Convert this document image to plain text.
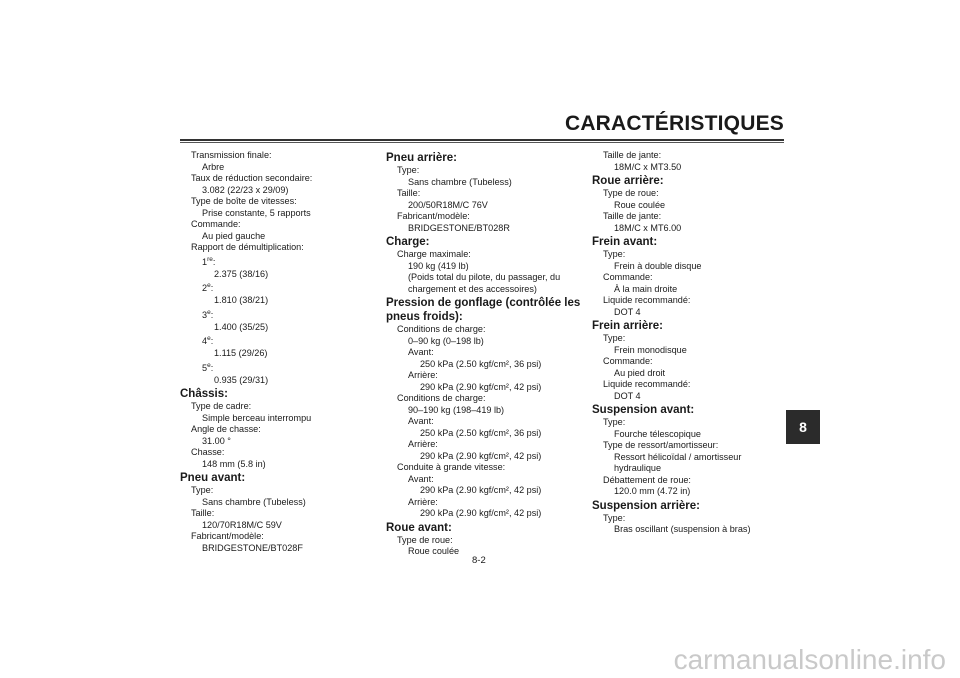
CARACTÉRISTIQUES
8

Transmission finale:

Arbre

Taux de réduction secondaire:

3.082 (22/23 x 29/09)

Type de boîte de vitesses:

Prise constante, 5 rapports

Commande:

Au pied gauche

Rapport de démultiplication:

1re:

2.375 (38/16)

2e:

1.810 (38/21)

3e:

1.400 (35/25)

4e:

1.115 (29/26)

5e:

0.935 (29/31)

Châssis:

Type de cadre:

Simple berceau interrompu

Angle de chasse:

31.00 °

Chasse:

148 mm (5.8 in)

Pneu avant:

Type:

Sans chambre (Tubeless)

Taille:

120/70R18M/C 59V

Fabricant/modèle:

BRIDGESTONE/BT028F

Pneu arrière:

Type:

Sans chambre (Tubeless)

Taille:

200/50R18M/C 76V

Fabricant/modèle:

BRIDGESTONE/BT028R

Charge:

Charge maximale:

190 kg (419 lb)

(Poids total du pilote, du passager, du

chargement et des accessoires)

Pression de gonflage (contrôlée les

pneus froids):

Conditions de charge:

0–90 kg (0–198 lb)

Avant:

250 kPa (2.50 kgf/cm², 36 psi)

Arrière:

290 kPa (2.90 kgf/cm², 42 psi)

Conditions de charge:

90–190 kg (198–419 lb)

Avant:

250 kPa (2.50 kgf/cm², 36 psi)

Arrière:

290 kPa (2.90 kgf/cm², 42 psi)

Conduite à grande vitesse:

Avant:

290 kPa (2.90 kgf/cm², 42 psi)

Arrière:

290 kPa (2.90 kgf/cm², 42 psi)

Roue avant:

Type de roue:

Roue coulée

Taille de jante:

18M/C x MT3.50

Roue arrière:

Type de roue:

Roue coulée

Taille de jante:

18M/C x MT6.00

Frein avant:

Type:

Frein à double disque

Commande:

À la main droite

Liquide recommandé:

DOT 4

Frein arrière:

Type:

Frein monodisque

Commande:

Au pied droit

Liquide recommandé:

DOT 4

Suspension avant:

Type:

Fourche télescopique

Type de ressort/amortisseur:

Ressort hélicoïdal / amortisseur

hydraulique

Débattement de roue:

120.0 mm (4.72 in)

Suspension arrière:

Type:

Bras oscillant (suspension à bras)

8-2
carmanualsonline.info
